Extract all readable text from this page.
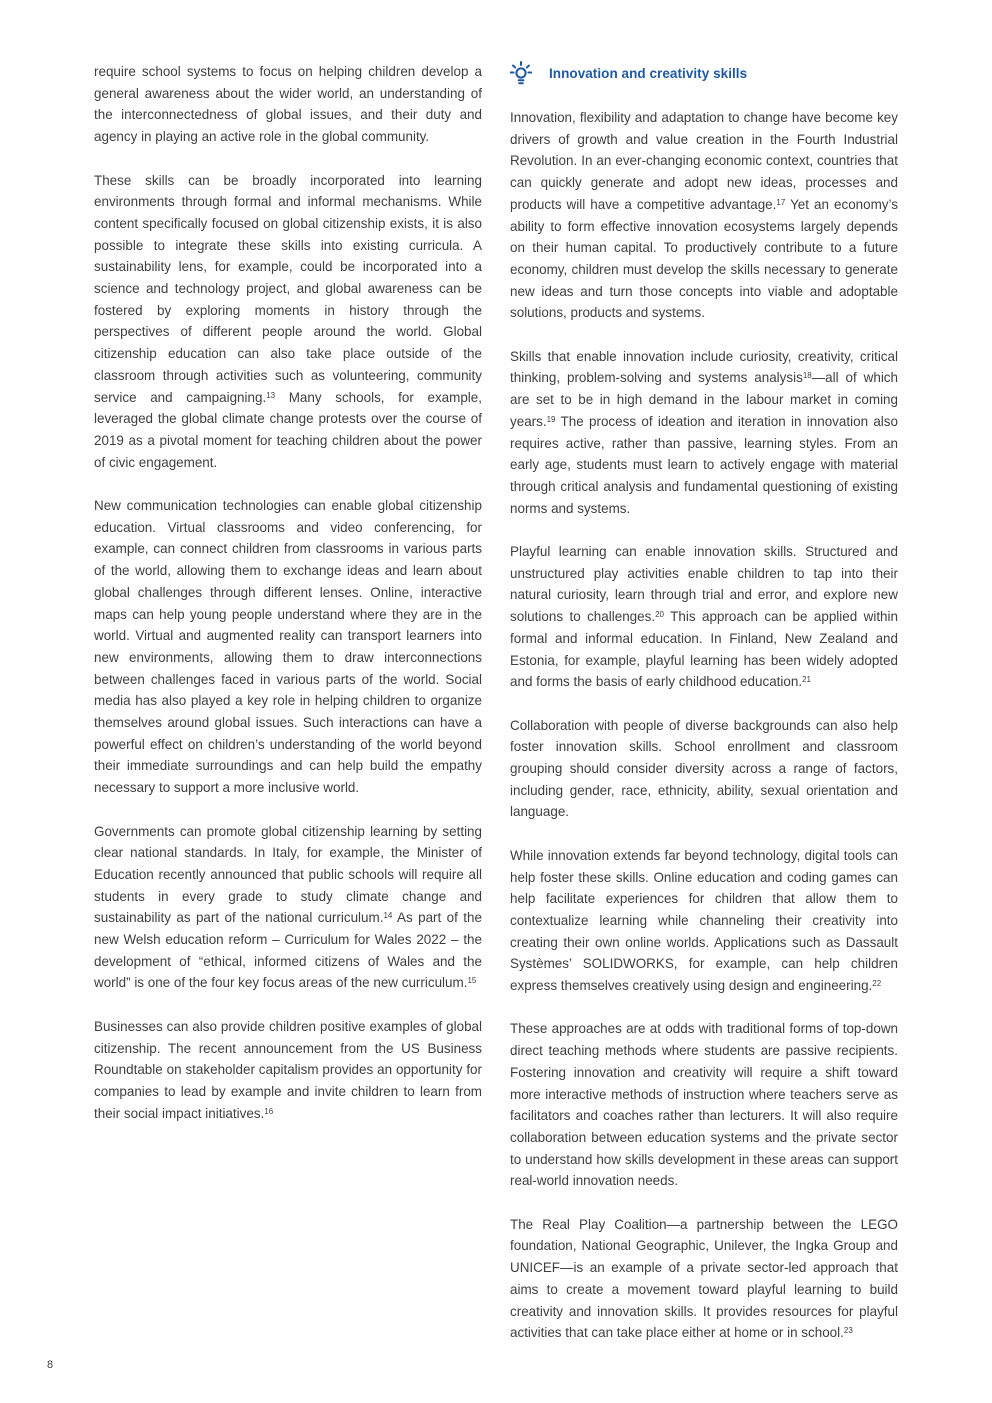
require school systems to focus on helping children develop a general awareness about the wider world, an understanding of the interconnectedness of global issues, and their duty and agency in playing an active role in the global community.

These skills can be broadly incorporated into learning environments through formal and informal mechanisms. While content specifically focused on global citizenship exists, it is also possible to integrate these skills into existing curricula. A sustainability lens, for example, could be incorporated into a science and technology project, and global awareness can be fostered by exploring moments in history through the perspectives of different people around the world. Global citizenship education can also take place outside of the classroom through activities such as volunteering, community service and campaigning.$^{13}$ Many schools, for example, leveraged the global climate change protests over the course of 2019 as a pivotal moment for teaching children about the power of civic engagement.

New communication technologies can enable global citizenship education. Virtual classrooms and video conferencing, for example, can connect children from classrooms in various parts of the world, allowing them to exchange ideas and learn about global challenges through different lenses. Online, interactive maps can help young people understand where they are in the world. Virtual and augmented reality can transport learners into new environments, allowing them to draw interconnections between challenges faced in various parts of the world. Social media has also played a key role in helping children to organize themselves around global issues. Such interactions can have a powerful effect on children’s understanding of the world beyond their immediate surroundings and can help build the empathy necessary to support a more inclusive world.

Governments can promote global citizenship learning by setting clear national standards. In Italy, for example, the Minister of Education recently announced that public schools will require all students in every grade to study climate change and sustainability as part of the national curriculum.$^{14}$ As part of the new Welsh education reform – Curriculum for Wales 2022 – the development of “ethical, informed citizens of Wales and the world” is one of the four key focus areas of the new curriculum.$^{15}$

Businesses can also provide children positive examples of global citizenship. The recent announcement from the US Business Roundtable on stakeholder capitalism provides an opportunity for companies to lead by example and invite children to learn from their social impact initiatives.$^{16}$

Innovation and creativity skills

Innovation, flexibility and adaptation to change have become key drivers of growth and value creation in the Fourth Industrial Revolution. In an ever-changing economic context, countries that can quickly generate and adopt new ideas, processes and products will have a competitive advantage.$^{17}$ Yet an economy’s ability to form effective innovation ecosystems largely depends on their human capital. To productively contribute to a future economy, children must develop the skills necessary to generate new ideas and turn those concepts into viable and adoptable solutions, products and systems.

Skills that enable innovation include curiosity, creativity, critical thinking, problem-solving and systems analysis$^{18}$—all of which are set to be in high demand in the labour market in coming years.$^{19}$ The process of ideation and iteration in innovation also requires active, rather than passive, learning styles. From an early age, students must learn to actively engage with material through critical analysis and fundamental questioning of existing norms and systems.

Playful learning can enable innovation skills. Structured and unstructured play activities enable children to tap into their natural curiosity, learn through trial and error, and explore new solutions to challenges.$^{20}$ This approach can be applied within formal and informal education. In Finland, New Zealand and Estonia, for example, playful learning has been widely adopted and forms the basis of early childhood education.$^{21}$

Collaboration with people of diverse backgrounds can also help foster innovation skills. School enrollment and classroom grouping should consider diversity across a range of factors, including gender, race, ethnicity, ability, sexual orientation and language.

While innovation extends far beyond technology, digital tools can help foster these skills. Online education and coding games can help facilitate experiences for children that allow them to contextualize learning while channeling their creativity into creating their own online worlds. Applications such as Dassault Systèmes’ SOLIDWORKS, for example, can help children express themselves creatively using design and engineering.$^{22}$

These approaches are at odds with traditional forms of top-down direct teaching methods where students are passive recipients. Fostering innovation and creativity will require a shift toward more interactive methods of instruction where teachers serve as facilitators and coaches rather than lecturers. It will also require collaboration between education systems and the private sector to understand how skills development in these areas can support real-world innovation needs.

The Real Play Coalition—a partnership between the LEGO foundation, National Geographic, Unilever, the Ingka Group and UNICEF—is an example of a private sector-led approach that aims to create a movement toward playful learning to build creativity and innovation skills. It provides resources for playful activities that can take place either at home or in school.$^{23}$

8
